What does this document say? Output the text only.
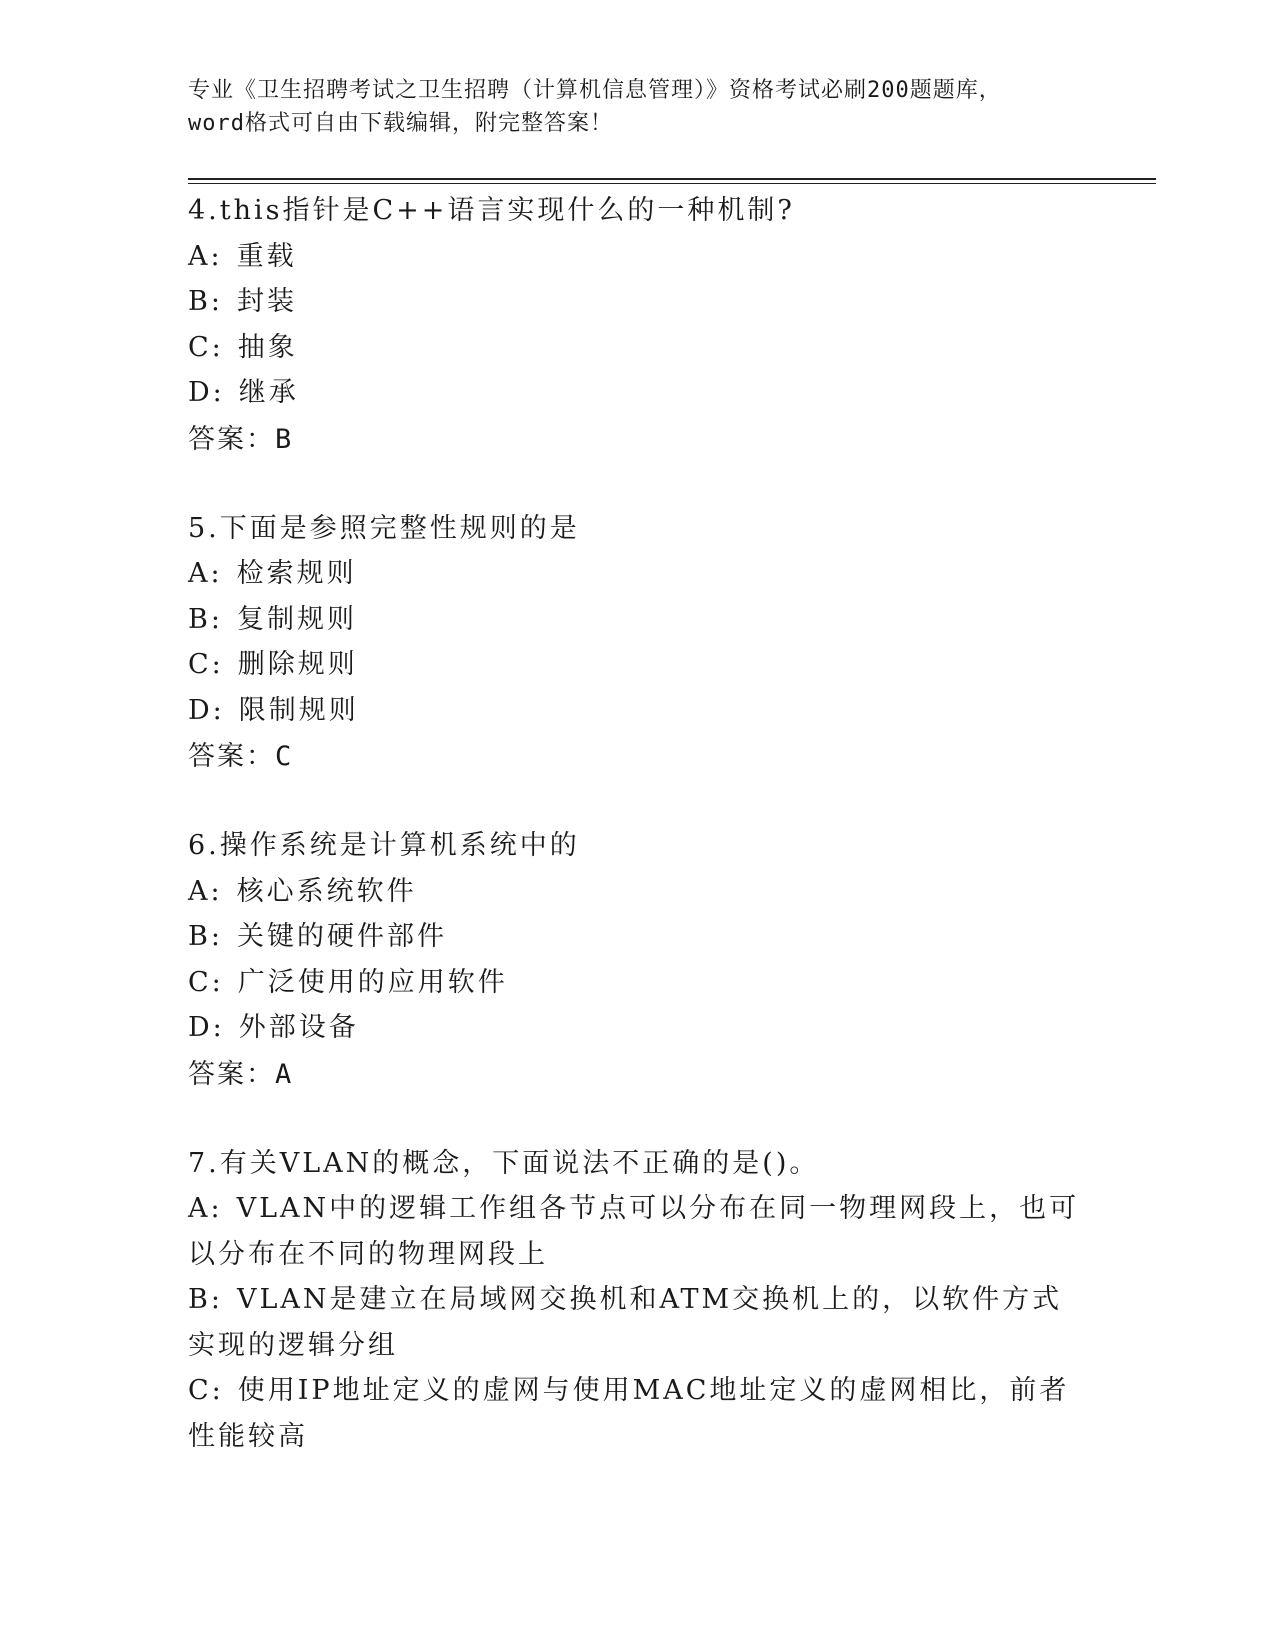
专业《卫生招聘考试之卫生招聘（计算机信息管理）》资格考试必刷200题题库，

word格式可自由下载编辑，附完整答案！

4.this指针是C++语言实现什么的一种机制?

A: 重载

B: 封装

C: 抽象

D: 继承

答案：B

5.下面是参照完整性规则的是

A: 检索规则

B: 复制规则

C: 删除规则

D: 限制规则

答案：C

6.操作系统是计算机系统中的

A: 核心系统软件

B: 关键的硬件部件

C: 广泛使用的应用软件

D: 外部设备

答案：A

7.有关VLAN的概念，下面说法不正确的是()。

A: VLAN中的逻辑工作组各节点可以分布在同一物理网段上，也可以分布在不同的物理网段上

B: VLAN是建立在局域网交换机和ATM交换机上的，以软件方式实现的逻辑分组

C: 使用IP地址定义的虚网与使用MAC地址定义的虚网相比，前者性能较高
